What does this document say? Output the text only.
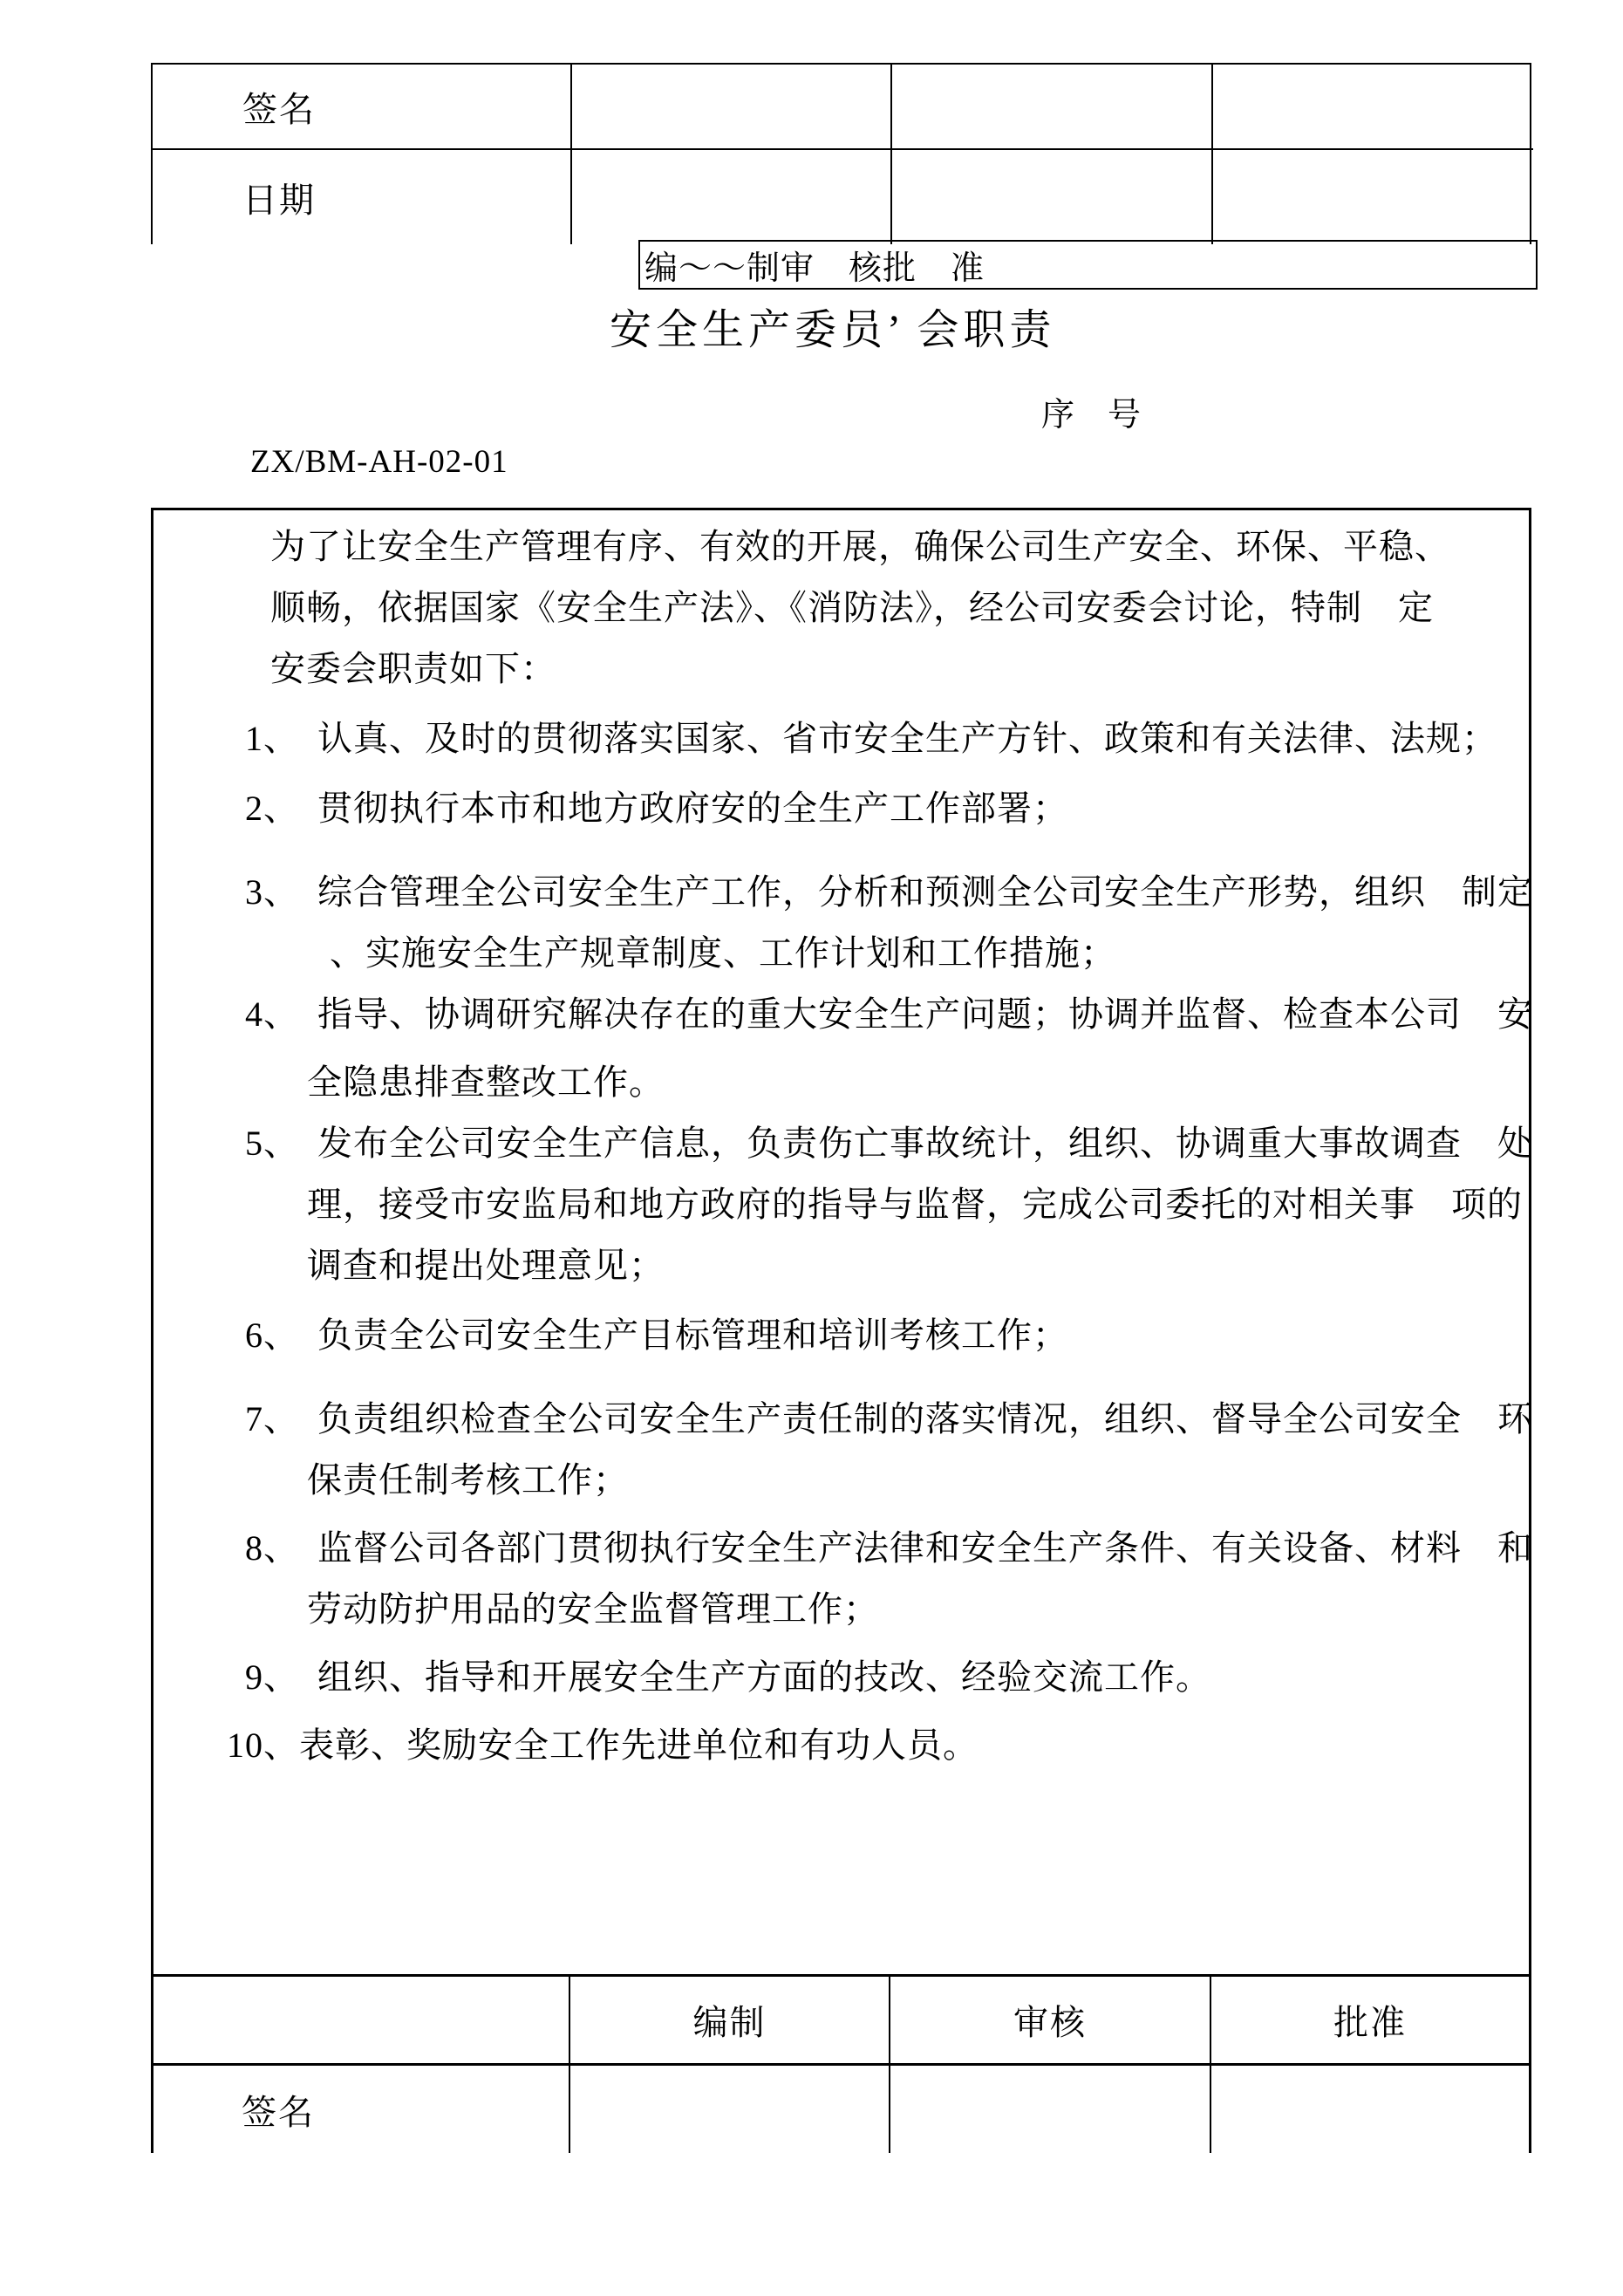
签名
日期
编～～制审　核批　准
安全生产委员’ 会职责
序　号
ZX/BM-AH-02-01
为了让安全生产管理有序、有效的开展，确保公司生产安全、环保、平稳、
顺畅，依据国家《安全生产法》、《消防法》，经公司安委会讨论，特制　定
安委会职责如下：
1、　认真、及时的贯彻落实国家、省市安全生产方针、政策和有关法律、法规；
2、　贯彻执行本市和地方政府安的全生产工作部署；
3、　综合管理全公司安全生产工作，分析和预测全公司安全生产形势，组织　制定
、实施安全生产规章制度、工作计划和工作措施；
4、　指导、协调研究解决存在的重大安全生产问题；协调并监督、检查本公司　安
全隐患排查整改工作。
5、　发布全公司安全生产信息，负责伤亡事故统计，组织、协调重大事故调查　处
理，接受市安监局和地方政府的指导与监督，完成公司委托的对相关事　项的
调查和提出处理意见；
6、　负责全公司安全生产目标管理和培训考核工作；
7、　负责组织检查全公司安全生产责任制的落实情况，组织、督导全公司安全　环
保责任制考核工作；
8、　监督公司各部门贯彻执行安全生产法律和安全生产条件、有关设备、材料　和
劳动防护用品的安全监督管理工作；
9、　组织、指导和开展安全生产方面的技改、经验交流工作。
10、表彰、奖励安全工作先进单位和有功人员。
编制	审核	批准
签名
